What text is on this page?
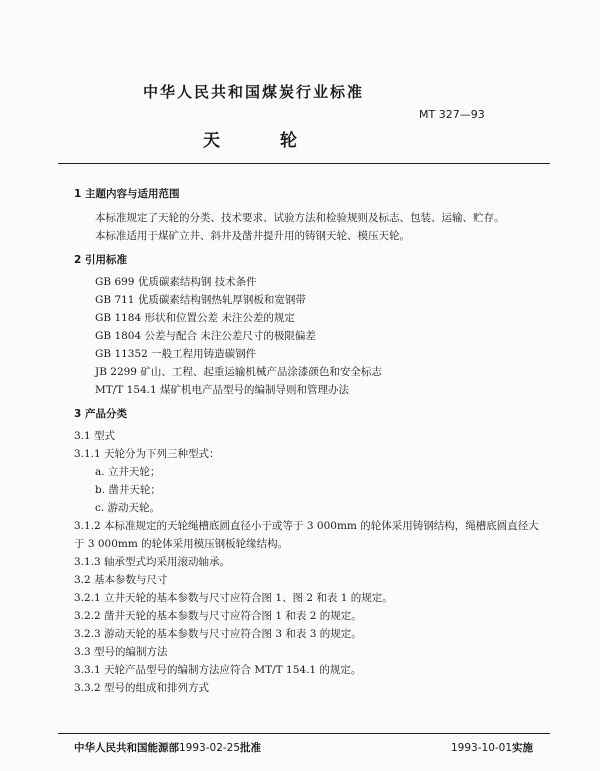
中华人民共和国煤炭行业标准
MT 327—93
天轮
1 主题内容与适用范围
本标准规定了天轮的分类、技术要求、试验方法和检验规则及标志、包装、运输、贮存。
本标准适用于煤矿立井、斜井及凿井提升用的铸钢天轮、模压天轮。
2 引用标准
GB 699 优质碳素结构钢 技术条件
GB 711 优质碳素结构钢热轧厚钢板和宽钢带
GB 1184 形状和位置公差 未注公差的规定
GB 1804 公差与配合 未注公差尺寸的极限偏差
GB 11352 一般工程用铸造碳钢件
JB 2299 矿山、工程、起重运输机械产品涂漆颜色和安全标志
MT/T 154.1 煤矿机电产品型号的编制导则和管理办法
3 产品分类
3.1 型式
3.1.1 天轮分为下列三种型式：
a. 立井天轮；
b. 凿井天轮；
c. 游动天轮。
3.1.2 本标准规定的天轮绳槽底圆直径小于或等于 3 000mm 的轮体采用铸钢结构，绳槽底圆直径大
于 3 000mm 的轮体采用模压钢板轮缘结构。
3.1.3 轴承型式均采用滚动轴承。
3.2 基本参数与尺寸
3.2.1 立井天轮的基本参数与尺寸应符合图 1、图 2 和表 1 的规定。
3.2.2 凿井天轮的基本参数与尺寸应符合图 1 和表 2 的规定。
3.2.3 游动天轮的基本参数与尺寸应符合图 3 和表 3 的规定。
3.3 型号的编制方法
3.3.1 天轮产品型号的编制方法应符合 MT/T 154.1 的规定。
3.3.2 型号的组成和排列方式
中华人民共和国能源部1993-02-25批准	1993-10-01实施
